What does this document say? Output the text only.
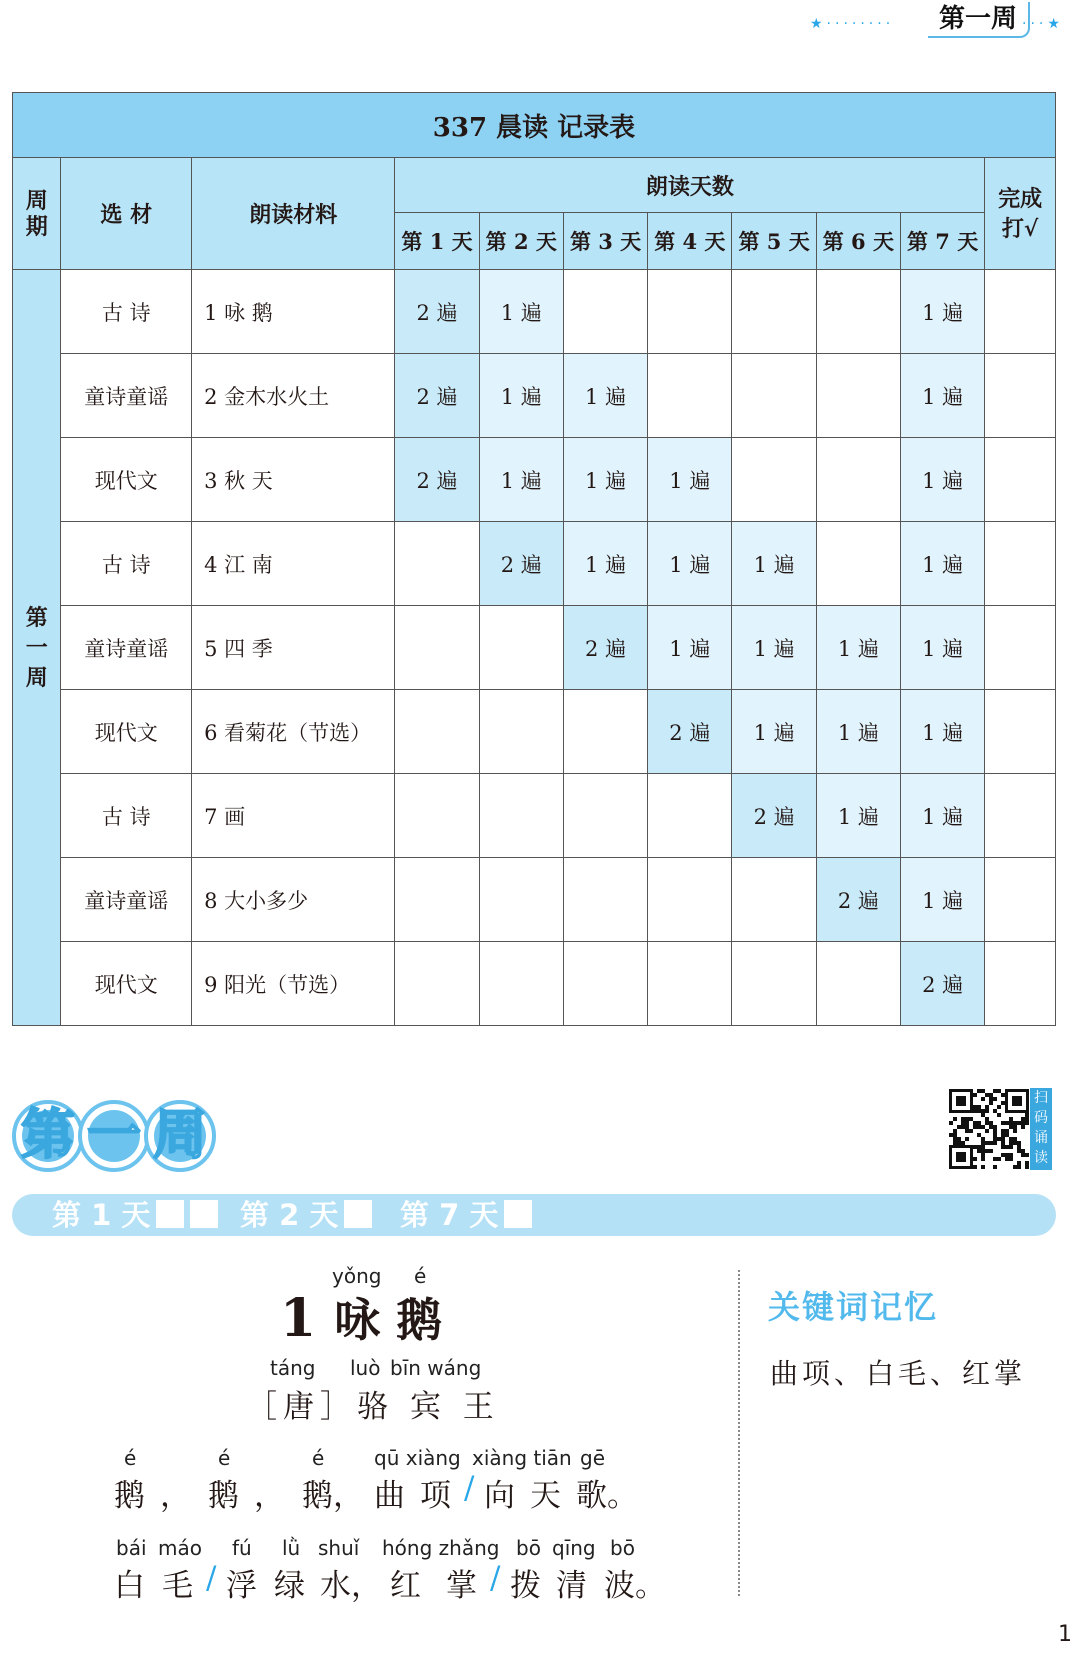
★········	第一周 ···★
337 晨读 记录表										
周期	选 材	朗读材料	朗读天数							完成打√
			第 1 天	第 2 天	第 3 天	第 4 天	第 5 天	第 6 天	第 7 天	
第一周	古 诗	1 咏 鹅	2 遍	1 遍					1 遍	
	童诗童谣	2 金木水火土	2 遍	1 遍	1 遍				1 遍	
	现代文	3 秋 天	2 遍	1 遍	1 遍	1 遍			1 遍	
	古 诗	4 江 南		2 遍	1 遍	1 遍	1 遍		1 遍	
	童诗童谣	5 四 季			2 遍	1 遍	1 遍	1 遍	1 遍	
	现代文	6 看菊花（节选）				2 遍	1 遍	1 遍	1 遍	
	古 诗	7 画					2 遍	1 遍	1 遍	
	童诗童谣	8 大小多少						2 遍	1 遍	
	现代文	9 阳光（节选）							2 遍	
第 一 周
扫码诵读
第 1 天	第 2 天	第 7 天
yǒng é
1 咏 鹅
táng luò bīn wáng
［唐］骆 宾 王
é	é	é qū xiàng xiàng tiān gē
鹅 ， 鹅 ， 鹅， 曲 项 / 向 天 歌。
bái máo fú lǜ shuǐ hóng zhǎng bō qīng bō
白 毛 / 浮 绿 水， 红 掌 / 拨 清 波。
关键词记忆
曲项、白毛、红掌
1
